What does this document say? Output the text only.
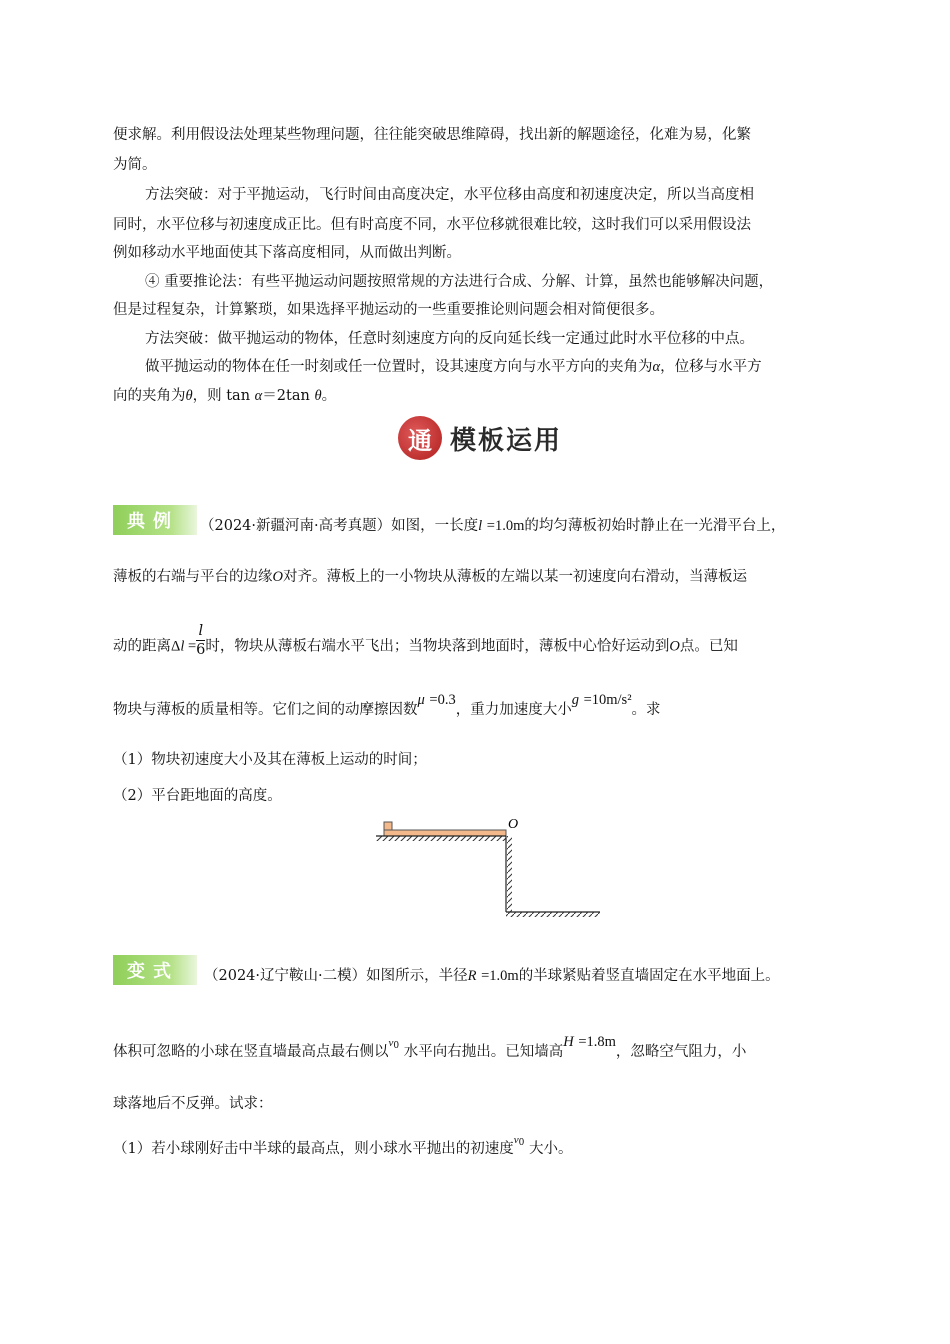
便求解。利用假设法处理某些物理问题，往往能突破思维障碍，找出新的解题途径，化难为易，化繁
为简。
方法突破：对于平抛运动，飞行时间由高度决定，水平位移由高度和初速度决定，所以当高度相
同时，水平位移与初速度成正比。但有时高度不同，水平位移就很难比较，这时我们可以采用假设法
例如移动水平地面使其下落高度相同，从而做出判断。
④ 重要推论法：有些平抛运动问题按照常规的方法进行合成、分解、计算，虽然也能够解决问题，
但是过程复杂，计算繁琐，如果选择平抛运动的一些重要推论则问题会相对简便很多。
方法突破：做平抛运动的物体，任意时刻速度方向的反向延长线一定通过此时水平位移的中点。
做平抛运动的物体在任一时刻或任一位置时，设其速度方向与水平方向的夹角为α，位移与水平方
向的夹角为θ，则 tan α＝2tan θ。
通 模板运用
典例	（2024·新疆河南·高考真题）如图，一长度l =1.0m的均匀薄板初始时静止在一光滑平台上，
薄板的右端与平台的边缘O对齐。薄板上的一小物块从薄板的左端以某一初速度向右滑动，当薄板运
动的距离$\Delta l = \frac{l}{6}$ 时，物块从薄板右端水平飞出；当物块落到地面时，薄板中心恰好运动到O点。已知
物块与薄板的质量相等。它们之间的动摩擦因数μ =0.3，重力加速度大小g =10m/s²。求
（1）物块初速度大小及其在薄板上运动的时间；
（2）平台距地面的高度。
O
变式	（2024·辽宁鞍山·二模）如图所示，半径R =1.0m的半球紧贴着竖直墙固定在水平地面上。
体积可忽略的小球在竖直墙最高点最右侧以$v_0$ 水平向右抛出。已知墙高H =1.8m，忽略空气阻力，小
球落地后不反弹。试求：
（1）若小球刚好击中半球的最高点，则小球水平抛出的初速度$v_0$ 大小。
